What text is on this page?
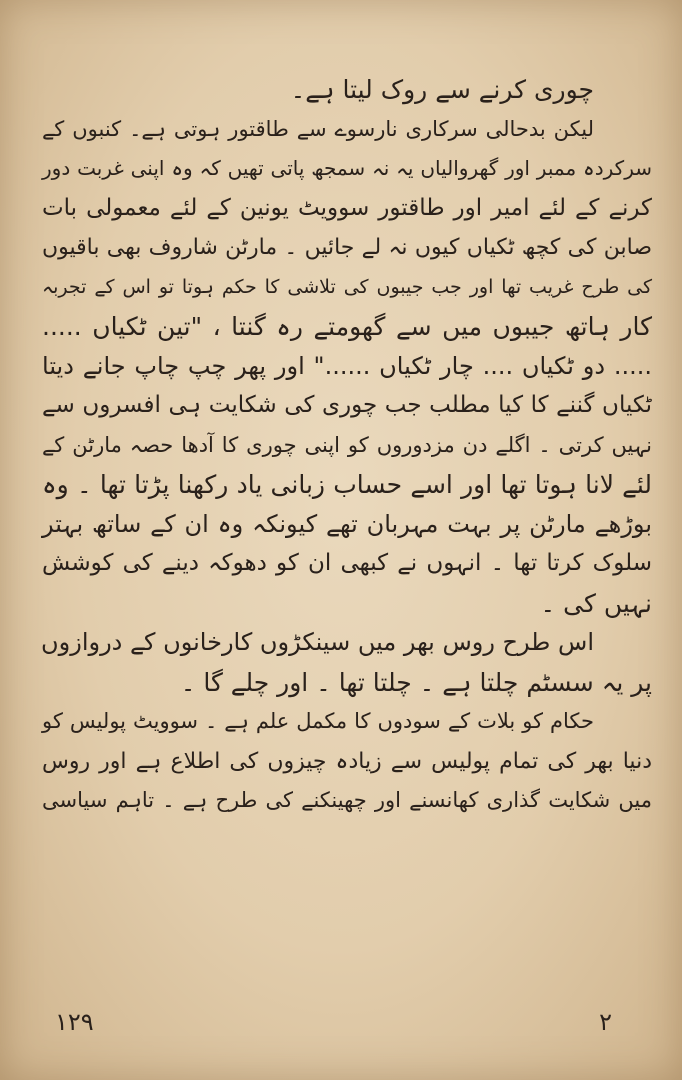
چوری کرنے سے روک لیتا ہے۔
لیکن بدحالی سرکاری نارسوے سے طاقتور ہوتی ہے۔ کنبوں کے
سرکردہ ممبر اور گھروالیاں یہ نہ سمجھ پاتی تھیں کہ وہ اپنی غربت دور
کرنے کے لئے امیر اور طاقتور سوویٹ یونین کے لئے معمولی بات
صابن کی کچھ ٹکیاں کیوں نہ لے جائیں ۔ مارٹن شاروف بھی باقیوں
کی طرح غریب تھا اور جب جیبوں کی تلاشی کا حکم ہوتا تو اس کے تجربہ
کار ہاتھ جیبوں میں سے گھومتے رہ گنتا ، "تین ٹکیاں .....
..... دو ٹکیاں .... چار ٹکیاں ......" اور پھر چپ چاپ جانے دیتا
ٹکیاں گننے کا کیا مطلب جب چوری کی شکایت ہی افسروں سے
نہیں کرتی ۔ اگلے دن مزدوروں کو اپنی چوری کا آدھا حصہ مارٹن کے
لئے لانا ہوتا تھا اور اسے حساب زبانی یاد رکھنا پڑتا تھا ۔ وہ
بوڑھے مارٹن پر بہت مہربان تھے کیونکہ وہ ان کے ساتھ بہتر
سلوک کرتا تھا ۔ انہوں نے کبھی ان کو دھوکہ دینے کی کوشش
نہیں کی ۔
اس طرح روس بھر میں سینکڑوں کارخانوں کے دروازوں
پر یہ سسٹم چلتا ہے ۔ چلتا تھا ۔ اور چلے گا ۔
حکام کو بلات کے سودوں کا مکمل علم ہے ۔ سوویٹ پولیس کو
دنیا بھر کی تمام پولیس سے زیادہ چیزوں کی اطلاع ہے اور روس
میں شکایت گذاری کھانسنے اور چھینکنے کی طرح ہے ۔ تاہم سیاسی
۱۲۹	۲
